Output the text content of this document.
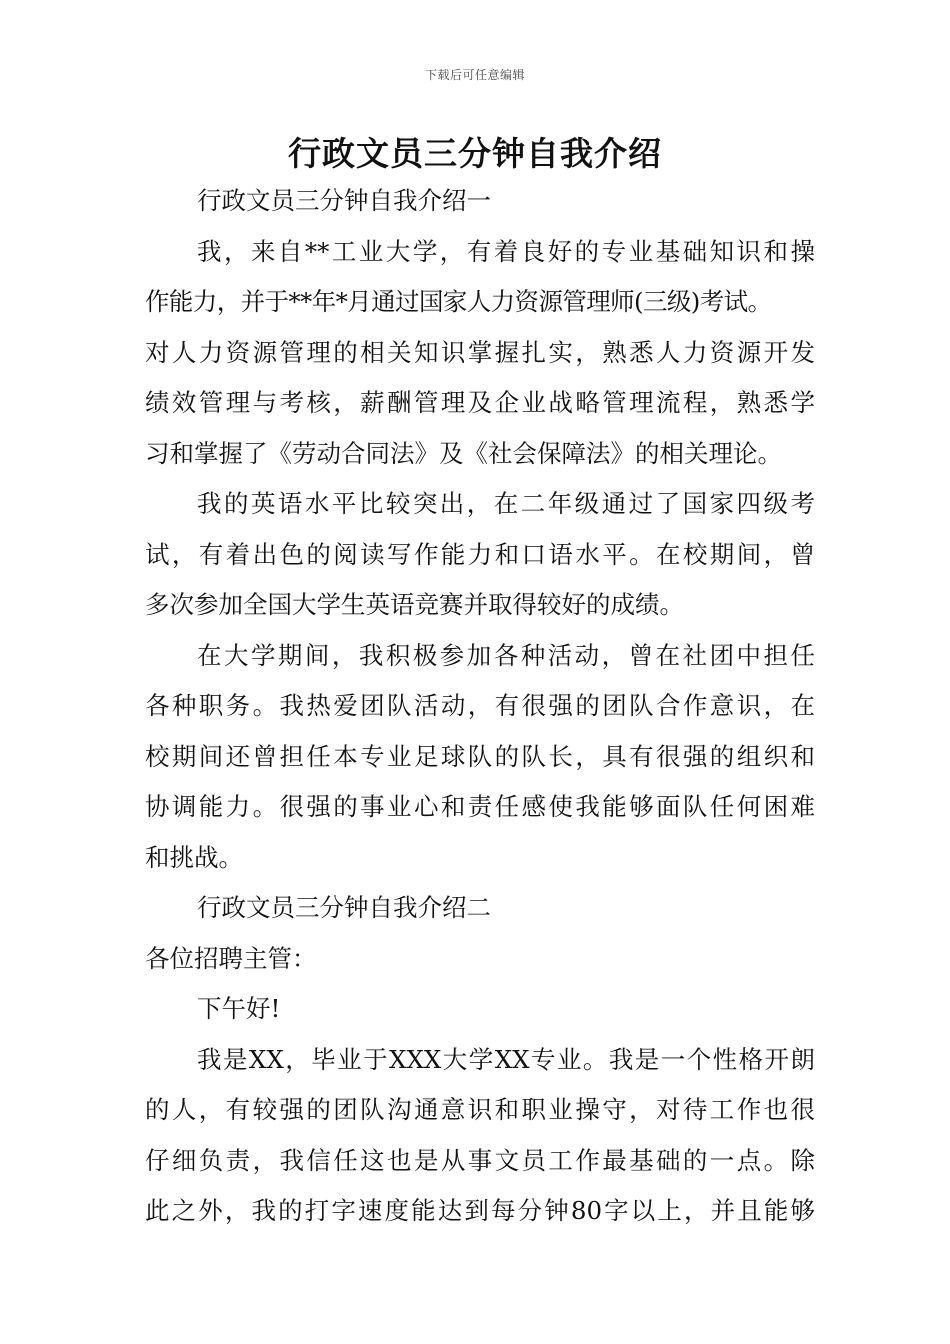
下载后可任意编辑
行政文员三分钟自我介绍
行政文员三分钟自我介绍一
我，来自**工业大学，有着良好的专业基础知识和操
作能力，并于**年*月通过国家人力资源管理师(三级)考试。
对人力资源管理的相关知识掌握扎实，熟悉人力资源开发
绩效管理与考核，薪酬管理及企业战略管理流程，熟悉学
习和掌握了《劳动合同法》及《社会保障法》的相关理论。
我的英语水平比较突出，在二年级通过了国家四级考
试，有着出色的阅读写作能力和口语水平。在校期间，曾
多次参加全国大学生英语竞赛并取得较好的成绩。
在大学期间，我积极参加各种活动，曾在社团中担任
各种职务。我热爱团队活动，有很强的团队合作意识，在
校期间还曾担任本专业足球队的队长，具有很强的组织和
协调能力。很强的事业心和责任感使我能够面队任何困难
和挑战。
行政文员三分钟自我介绍二
各位招聘主管：
下午好!
我是XX，毕业于XXX大学XX专业。我是一个性格开朗
的人，有较强的团队沟通意识和职业操守，对待工作也很
仔细负责，我信任这也是从事文员工作最基础的一点。除
此之外，我的打字速度能达到每分钟80字以上，并且能够
